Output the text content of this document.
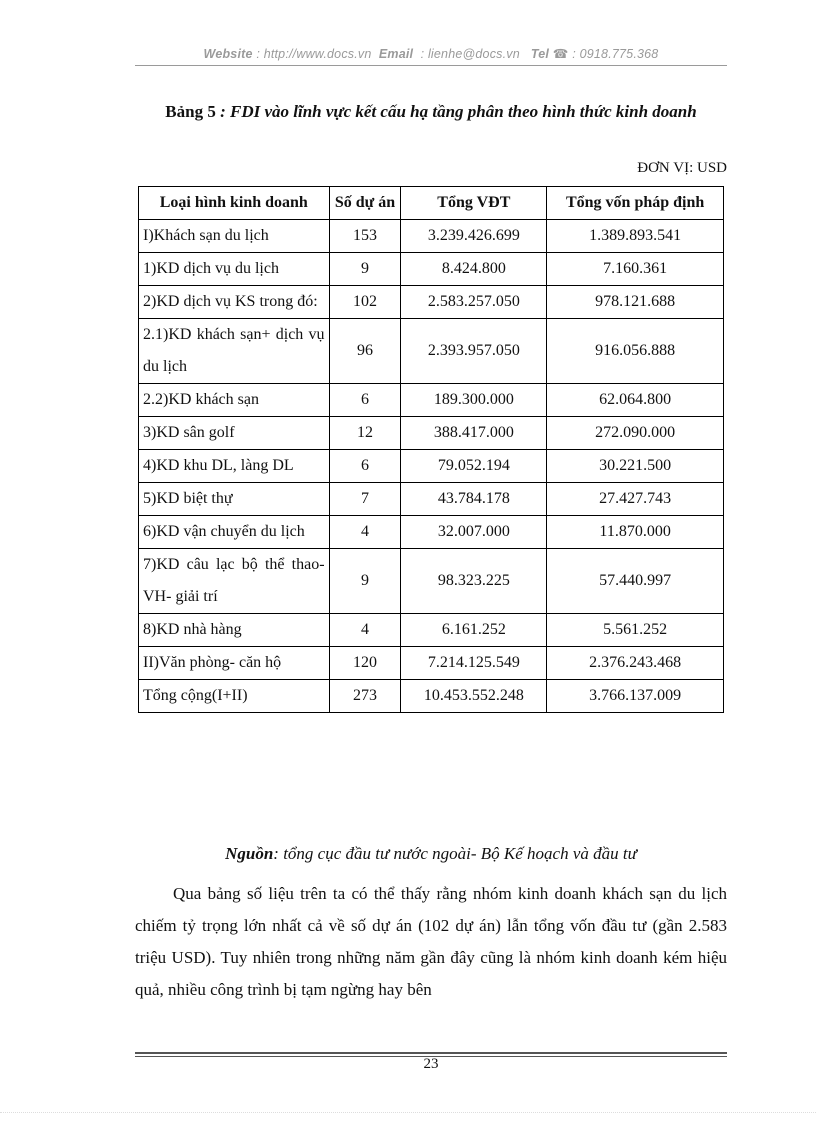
Website : http://www.docs.vn Email : lienhe@docs.vn Tel ☎ : 0918.775.368
Bảng 5 : FDI vào lĩnh vực kết cấu hạ tầng phân theo hình thức kinh doanh
ĐƠN VỊ: USD
Loại hình kinh doanh	Số dự án	Tổng VĐT	Tổng vốn pháp định
I)Khách sạn du lịch	153	3.239.426.699	1.389.893.541
1)KD dịch vụ du lịch	9	8.424.800	7.160.361
2)KD dịch vụ KS trong đó:	102	2.583.257.050	978.121.688
2.1)KD khách sạn+ dịch vụ du lịch	96	2.393.957.050	916.056.888
2.2)KD khách sạn	6	189.300.000	62.064.800
3)KD sân golf	12	388.417.000	272.090.000
4)KD khu DL, làng DL	6	79.052.194	30.221.500
5)KD biệt thự	7	43.784.178	27.427.743
6)KD vận chuyển du lịch	4	32.007.000	11.870.000
7)KD câu lạc bộ thể thao- VH- giải trí	9	98.323.225	57.440.997
8)KD nhà hàng	4	6.161.252	5.561.252
II)Văn phòng- căn hộ	120	7.214.125.549	2.376.243.468
Tổng cộng(I+II)	273	10.453.552.248	3.766.137.009
Nguồn: tổng cục đầu tư nước ngoài- Bộ Kế hoạch và đầu tư

Qua bảng số liệu trên ta có thể thấy rằng nhóm kinh doanh khách sạn du lịch chiếm tỷ trọng lớn nhất cả về số dự án (102 dự án) lẫn tổng vốn đầu tư (gần 2.583 triệu USD). Tuy nhiên trong những năm gần đây cũng là nhóm kinh doanh kém hiệu quả, nhiều công trình bị tạm ngừng hay bên

23
